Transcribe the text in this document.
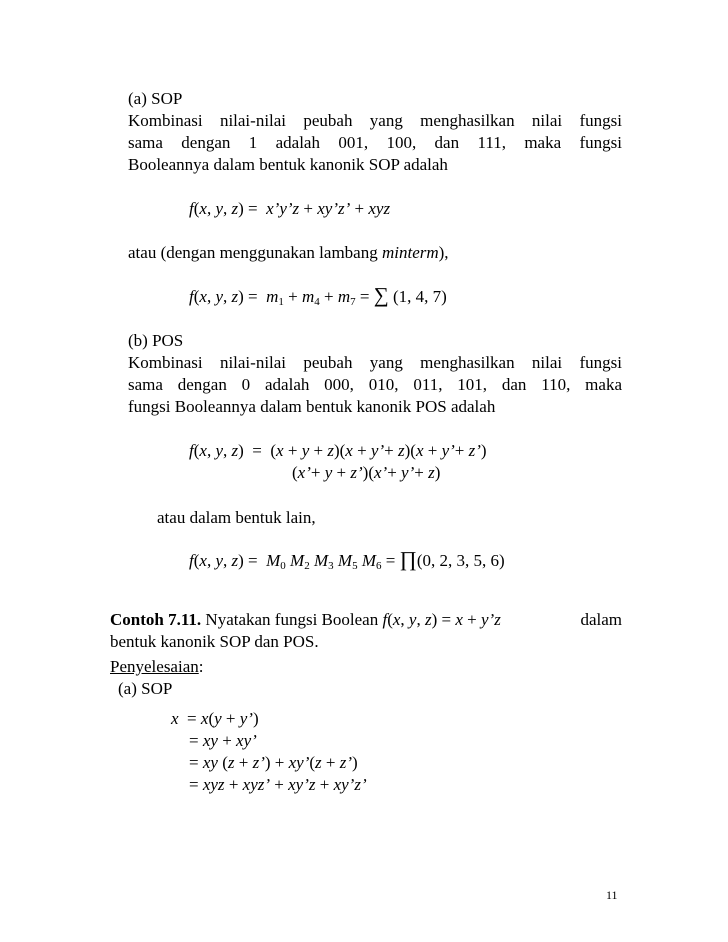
(a) SOP
Kombinasi nilai-nilai peubah yang menghasilkan nilai fungsi
sama dengan 1 adalah 001, 100, dan 111, maka fungsi
Booleannya dalam bentuk kanonik SOP adalah
f(x, y, z) =  x’y’z + xy’z’ + xyz
atau (dengan menggunakan lambang minterm),
f(x, y, $z) = m_1 + m_4 + m_7$ = ∑ (1, 4, 7)
(b) POS
Kombinasi nilai-nilai peubah yang menghasilkan nilai fungsi
sama dengan 0 adalah 000, 010, 011, 101, dan 110, maka
fungsi Booleannya dalam bentuk kanonik POS adalah
f(x, y, z)  =  (x + y + z)(x + y’+ z)(x + y’+ z’)
(x’+ y + z’)(x’+ y’+ z)
atau dalam bentuk lain,
f(x, y, $z) = M_0$ $M_2$ $M_3$ $M_5$ $M_6$ = ∏(0, 2, 3, 5, 6)
Contoh 7.11. Nyatakan fungsi Boolean f(x, y, z) = x + y’z	dalam
bentuk kanonik SOP dan POS.
Penyelesaian:
(a) SOP
x  = x(y + y’)
= xy + xy’
= xy (z + z’) + xy’(z + z’)
= xyz + xyz’ + xy’z + xy’z’
11
